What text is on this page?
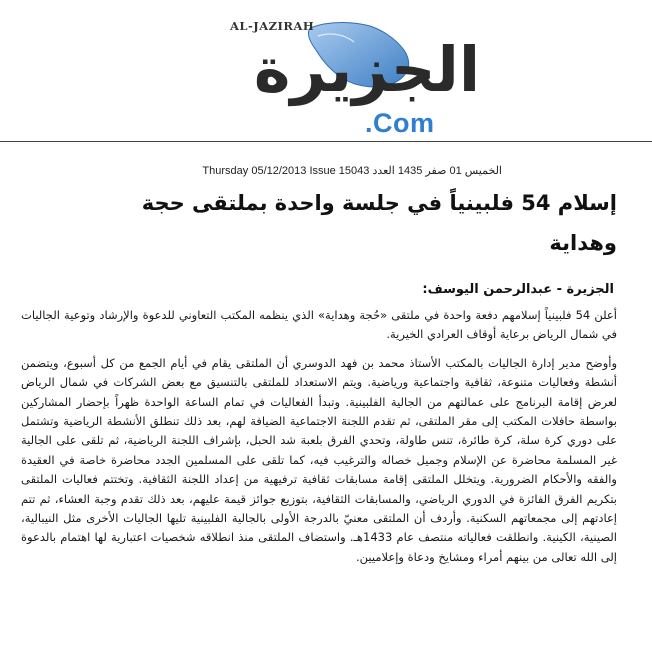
AL-JAZIRAH
الجزيرة
.Com
Thursday 05/12/2013 Issue 15043 الخميس 01 صفر 1435 العدد
إسلام 54 فلبينياً في جلسة واحدة بملتقى حجة وهداية
الجزيرة - عبدالرحمن اليوسف:

أعلن 54 فلبينياً إسلامهم دفعة واحدة في ملتقى «حُجة وهداية» الذي ينظمه المكتب التعاوني للدعوة والإرشاد وتوعية الجاليات في شمال الرياض برعاية أوقاف العرادي الخيرية.

وأوضح مدير إدارة الجاليات بالمكتب الأستاذ محمد بن فهد الدوسري أن الملتقى يقام في أيام الجمع من كل أسبوع، ويتضمن أنشطة وفعاليات متنوعة، ثقافية واجتماعية ورياضية. ويتم الاستعداد للملتقى بالتنسيق مع بعض الشركات في شمال الرياض لعرض إقامة البرنامج على عمالتهم من الجالية الفلبينية. وتبدأ الفعاليات في تمام الساعة الواحدة ظهراً بإحضار المشاركين بواسطة حافلات المكتب إلى مقر الملتقى، ثم تقدم اللجنة الاجتماعية الضيافة لهم، بعد ذلك تنطلق الأنشطة الرياضية وتشتمل على دوري كرة سلة، كرة طائرة، تنس طاولة، وتحدي الفرق بلعبة شد الحبل، بإشراف اللجنة الرياضية، ثم تلقى على الجالية غير المسلمة محاضرة عن الإسلام وجميل خصاله والترغيب فيه، كما تلقى على المسلمين الجدد محاضرة خاصة في العقيدة والفقه والأحكام الضرورية. ويتخلل الملتقى إقامة مسابقات ثقافية ترفيهية من إعداد اللجنة الثقافية. وتختتم فعاليات الملتقى بتكريم الفرق الفائزة في الدوري الرياضي، والمسابقات الثقافية، بتوزيع جوائز قيمة عليهم، بعد ذلك تقدم وجبة العشاء، ثم تتم إعادتهم إلى مجمعاتهم السكنية. وأردف أن الملتقى معنيّ بالدرجة الأولى بالجالية الفلبينية تليها الجاليات الأخرى مثل النيبالية، الصينية، الكينية. وانطلقت فعالياته منتصف عام 1433هـ. واستضاف الملتقى منذ انطلاقه شخصيات اعتبارية لها اهتمام بالدعوة إلى الله تعالى من بينهم أمراء ومشايخ ودعاة وإعلاميين.
